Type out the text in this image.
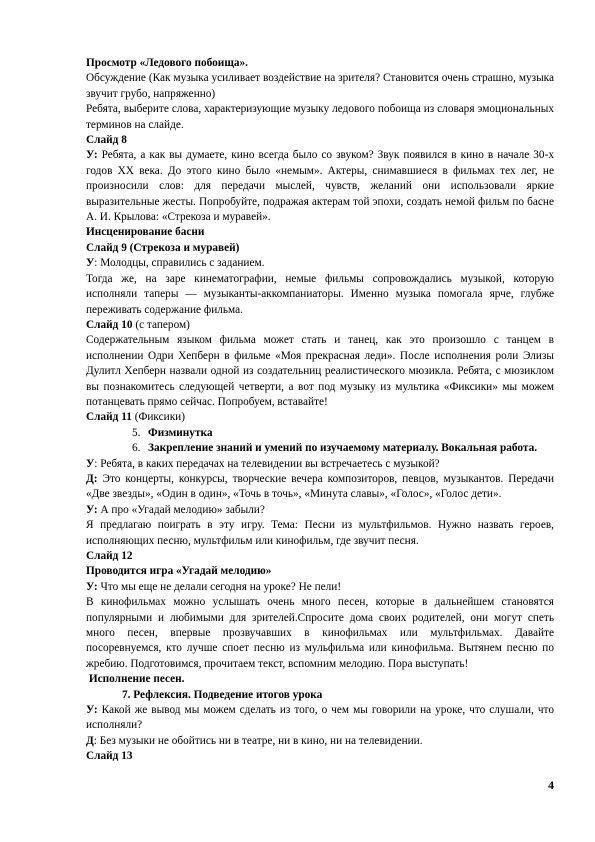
Просмотр «Ледового побоища».

Обсуждение (Как музыка усиливает воздействие на зрителя? Становится очень страшно, музыка звучит грубо, напряженно)

Ребята, выберите слова, характеризующие музыку ледового побоища из словаря эмоциональных терминов на слайде.

Слайд 8

У: Ребята, а как вы думаете, кино всегда было со звуком? Звук появился в кино в начале 30-х годов XX века. До этого кино было «немым». Актеры, снимавшиеся в фильмах тех лег, не произносили слов: для передачи мыслей, чувств, желаний они использовали яркие выразительные жесты. Попробуйте, подражая актерам той эпохи, создать немой фильм по басне А. И. Крылова: «Стрекоза и муравей».

Инсценирование басни

Слайд 9 (Стрекоза и муравей)

У: Молодцы, справились с заданием.

Тогда же, на заре кинематографии, немые фильмы сопровождались музыкой, которую исполняли таперы — музыканты-аккомпаниаторы. Именно музыка помогала ярче, глубже переживать содержание фильма.

Слайд 10 (с тапером)

Содержательным языком фильма может стать и танец, как это произошло с танцем в исполнении Одри Хепберн в фильме «Моя прекрасная леди». После исполнения роли Элизы Дулитл Хепберн назвали одной из создательниц реалистического мюзикла. Ребята, с мюзиклом вы познакомитесь следующей четверти, а вот под музыку из мультика «Фиксики» мы можем потанцевать прямо сейчас. Попробуем, вставайте!

Слайд 11 (Фиксики)

5. Физминутка
6. Закрепление знаний и умений по изучаемому материалу. Вокальная работа.

У: Ребята, в каких передачах на телевидении вы встречаетесь с музыкой?

Д: Это концерты, конкурсы, творческие вечера композиторов, певцов, музыкантов. Передачи «Две звезды», «Один в один», «Точь в точь», «Минута славы», «Голос», «Голос дети».

У: А про «Угадай мелодию» забыли?

Я предлагаю поиграть в эту игру. Тема: Песни из мультфильмов. Нужно назвать героев, исполняющих песню, мультфильм или кинофильм, где звучит песня.

Слайд 12

Проводится игра «Угадай мелодию»

У: Что мы еще не делали сегодня на уроке? Не пели!

В кинофильмах можно услышать очень много песен, которые в дальнейшем становятся популярными и любимыми для зрителей.Спросите дома своих родителей, они могут спеть много песен, впервые прозвучавших в кинофильмах или мультфильмах. Давайте посоревнуемся, кто лучше споет песню из мульфильма или кинофильма. Вытянем песню по жребию. Подготовимся, прочитаем текст, вспомним мелодию. Пора выступать!

Исполнение песен.

7. Рефлексия. Подведение итогов урока

У: Какой же вывод мы можем сделать из того, о чем мы говорили на уроке, что слушали, что исполняли?

Д: Без музыки не обойтись ни в театре, ни в кино, ни на телевидении.

Слайд 13

4
